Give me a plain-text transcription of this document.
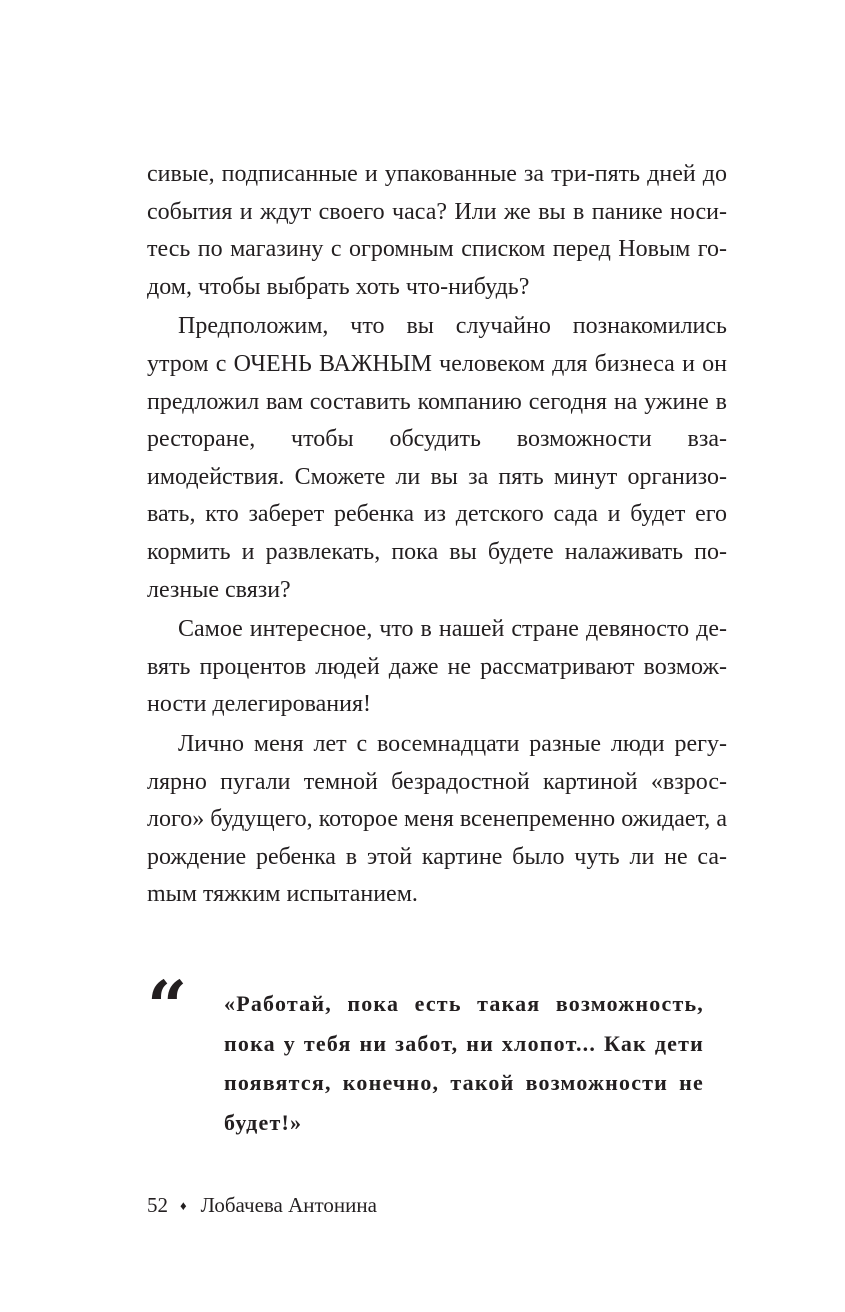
сивые, подписанные и упакованные за три-пять дней до события и ждут своего часа? Или же вы в панике носитесь по магазину с огромным списком перед Новым годом, чтобы выбрать хоть что-нибудь?

Предположим, что вы случайно познакомились утром с ОЧЕНЬ ВАЖНЫМ человеком для бизнеса и он предложил вам составить компанию сегодня на ужине в ресторане, чтобы обсудить возможности взаимодействия. Сможете ли вы за пять минут организовать, кто заберет ребенка из детского сада и будет его кормить и развлекать, пока вы будете налаживать полезные связи?

Самое интересное, что в нашей стране девяносто девять процентов людей даже не рассматривают возможности делегирования!

Лично меня лет с восемнадцати разные люди регулярно пугали темной безрадостной картиной «взрослого» будущего, которое меня всенепременно ожидает, а рождение ребенка в этой картине было чуть ли не саmым тяжким испытанием.

“ «Работай, пока есть такая возможность, пока у тебя ни забот, ни хлопот... Как дети появятся, конечно, такой возможности не будет!»

52 ♦ Лобачева Антонина
